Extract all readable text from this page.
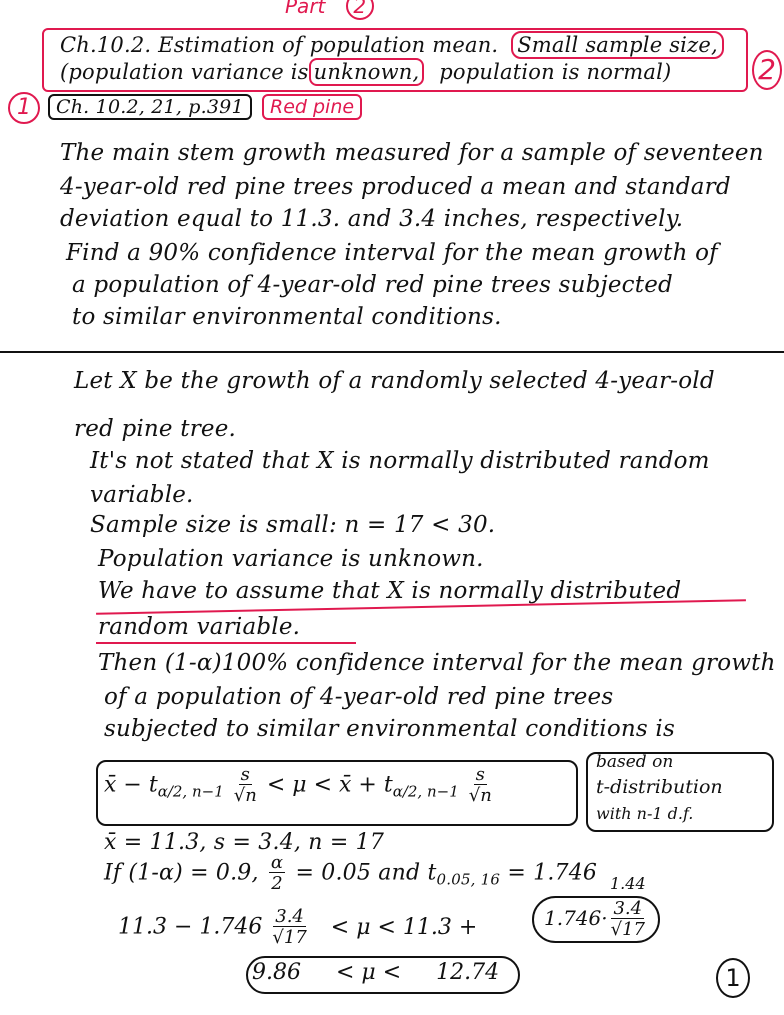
Part 2
Ch.10.2. Estimation of population mean. Small sample size,
(population variance is unknown, population is normal)	2
1	Ch. 10.2, 21, p.391	Red pine
The main stem growth measured for a sample of seventeen
4-year-old red pine trees produced a mean and standard
deviation equal to 11.3. and 3.4 inches, respectively.
Find a 90% confidence interval for the mean growth of
a population of 4-year-old red pine trees subjected
to similar environmental conditions.
Let X be the growth of a randomly selected 4-year-old
red pine tree.
It's not stated that X is normally distributed random
variable.
Sample size is small: n = 17 < 30.
Population variance is unknown.
We have to assume that X is normally distributed
random variable.
Then (1-α)100% confidence interval for the mean growth
of a population of 4-year-old red pine trees
subjected to similar environmental conditions is
x̄ − $t_{\alpha/2, n-1} \frac{s}{√n} < \mu$ < x̄ + $t_{\alpha/2, n-1} \frac{s}{√n}$
based on
t-distribution
with n-1 d.f.
x̄ = 11.3, s = 3.4, n = 17
If (1-α) = 0.9, $\frac{\alpha}{2} = 0.05$ and $t_{0.05, 16} = 1.746$ 1.44
$11.3 - 1.746 \frac{3.4}{√17} < \mu < 11.3$ +	$1.746\cdot \frac{3.4}{√17}$
9.86 < μ < 12.74	1
